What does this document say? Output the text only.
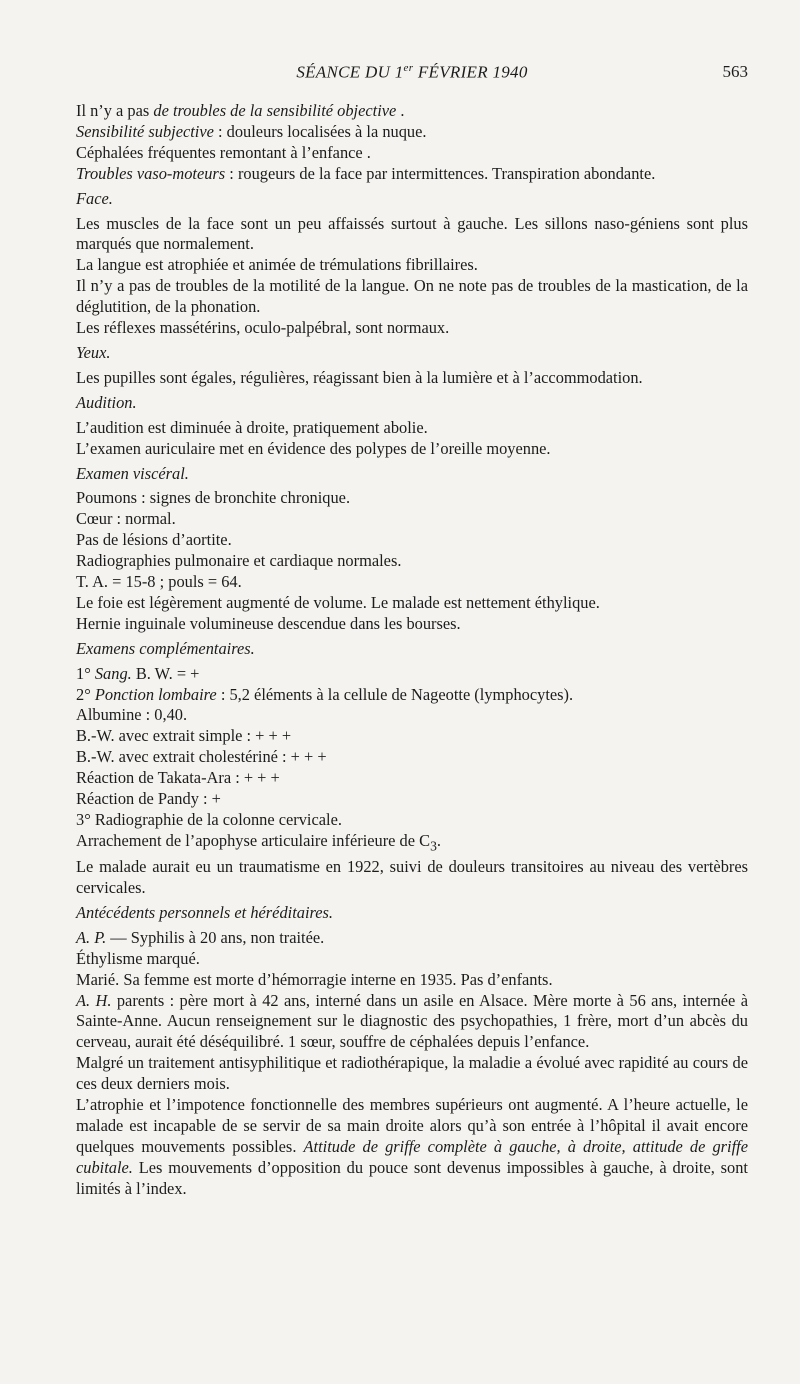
SÉANCE DU 1er FÉVRIER 1940	563

Il n’y a pas de troubles de la sensibilité objective .

Sensibilité subjective : douleurs localisées à la nuque.

Céphalées fréquentes remontant à l’enfance .

Troubles vaso-moteurs : rougeurs de la face par intermittences. Transpiration abondante.

Face.

Les muscles de la face sont un peu affaissés surtout à gauche. Les sillons naso-géniens sont plus marqués que normalement.

La langue est atrophiée et animée de trémulations fibrillaires.

Il n’y a pas de troubles de la motilité de la langue. On ne note pas de troubles de la mastication, de la déglutition, de la phonation.

Les réflexes massétérins, oculo-palpébral, sont normaux.

Yeux.

Les pupilles sont égales, régulières, réagissant bien à la lumière et à l’accommodation.

Audition.

L’audition est diminuée à droite, pratiquement abolie.

L’examen auriculaire met en évidence des polypes de l’oreille moyenne.

Examen viscéral.

Poumons : signes de bronchite chronique.

Cœur : normal.

Pas de lésions d’aortite.

Radiographies pulmonaire et cardiaque normales.

T. A. = 15-8 ; pouls = 64.

Le foie est légèrement augmenté de volume. Le malade est nettement éthylique.

Hernie inguinale volumineuse descendue dans les bourses.

Examens complémentaires.

1° Sang. B. W. = +

2° Ponction lombaire : 5,2 éléments à la cellule de Nageotte (lymphocytes).

Albumine : 0,40.

B.-W. avec extrait simple : + + +

B.-W. avec extrait cholestériné : + + +

Réaction de Takata-Ara : + + +

Réaction de Pandy : +

3° Radiographie de la colonne cervicale.

Arrachement de l’apophyse articulaire inférieure de $C_3$.

Le malade aurait eu un traumatisme en 1922, suivi de douleurs transitoires au niveau des vertèbres cervicales.

Antécédents personnels et héréditaires.

A. P. — Syphilis à 20 ans, non traitée.

Éthylisme marqué.

Marié. Sa femme est morte d’hémorragie interne en 1935. Pas d’enfants.

A. H. parents : père mort à 42 ans, interné dans un asile en Alsace. Mère morte à 56 ans, internée à Sainte-Anne. Aucun renseignement sur le diagnostic des psychopathies, 1 frère, mort d’un abcès du cerveau, aurait été déséquilibré. 1 sœur, souffre de céphalées depuis l’enfance.

Malgré un traitement antisyphilitique et radiothérapique, la maladie a évolué avec rapidité au cours de ces deux derniers mois.

L’atrophie et l’impotence fonctionnelle des membres supérieurs ont augmenté. A l’heure actuelle, le malade est incapable de se servir de sa main droite alors qu’à son entrée à l’hôpital il avait encore quelques mouvements possibles. Attitude de griffe complète à gauche, à droite, attitude de griffe cubitale. Les mouvements d’opposition du pouce sont devenus impossibles à gauche, à droite, sont limités à l’index.
